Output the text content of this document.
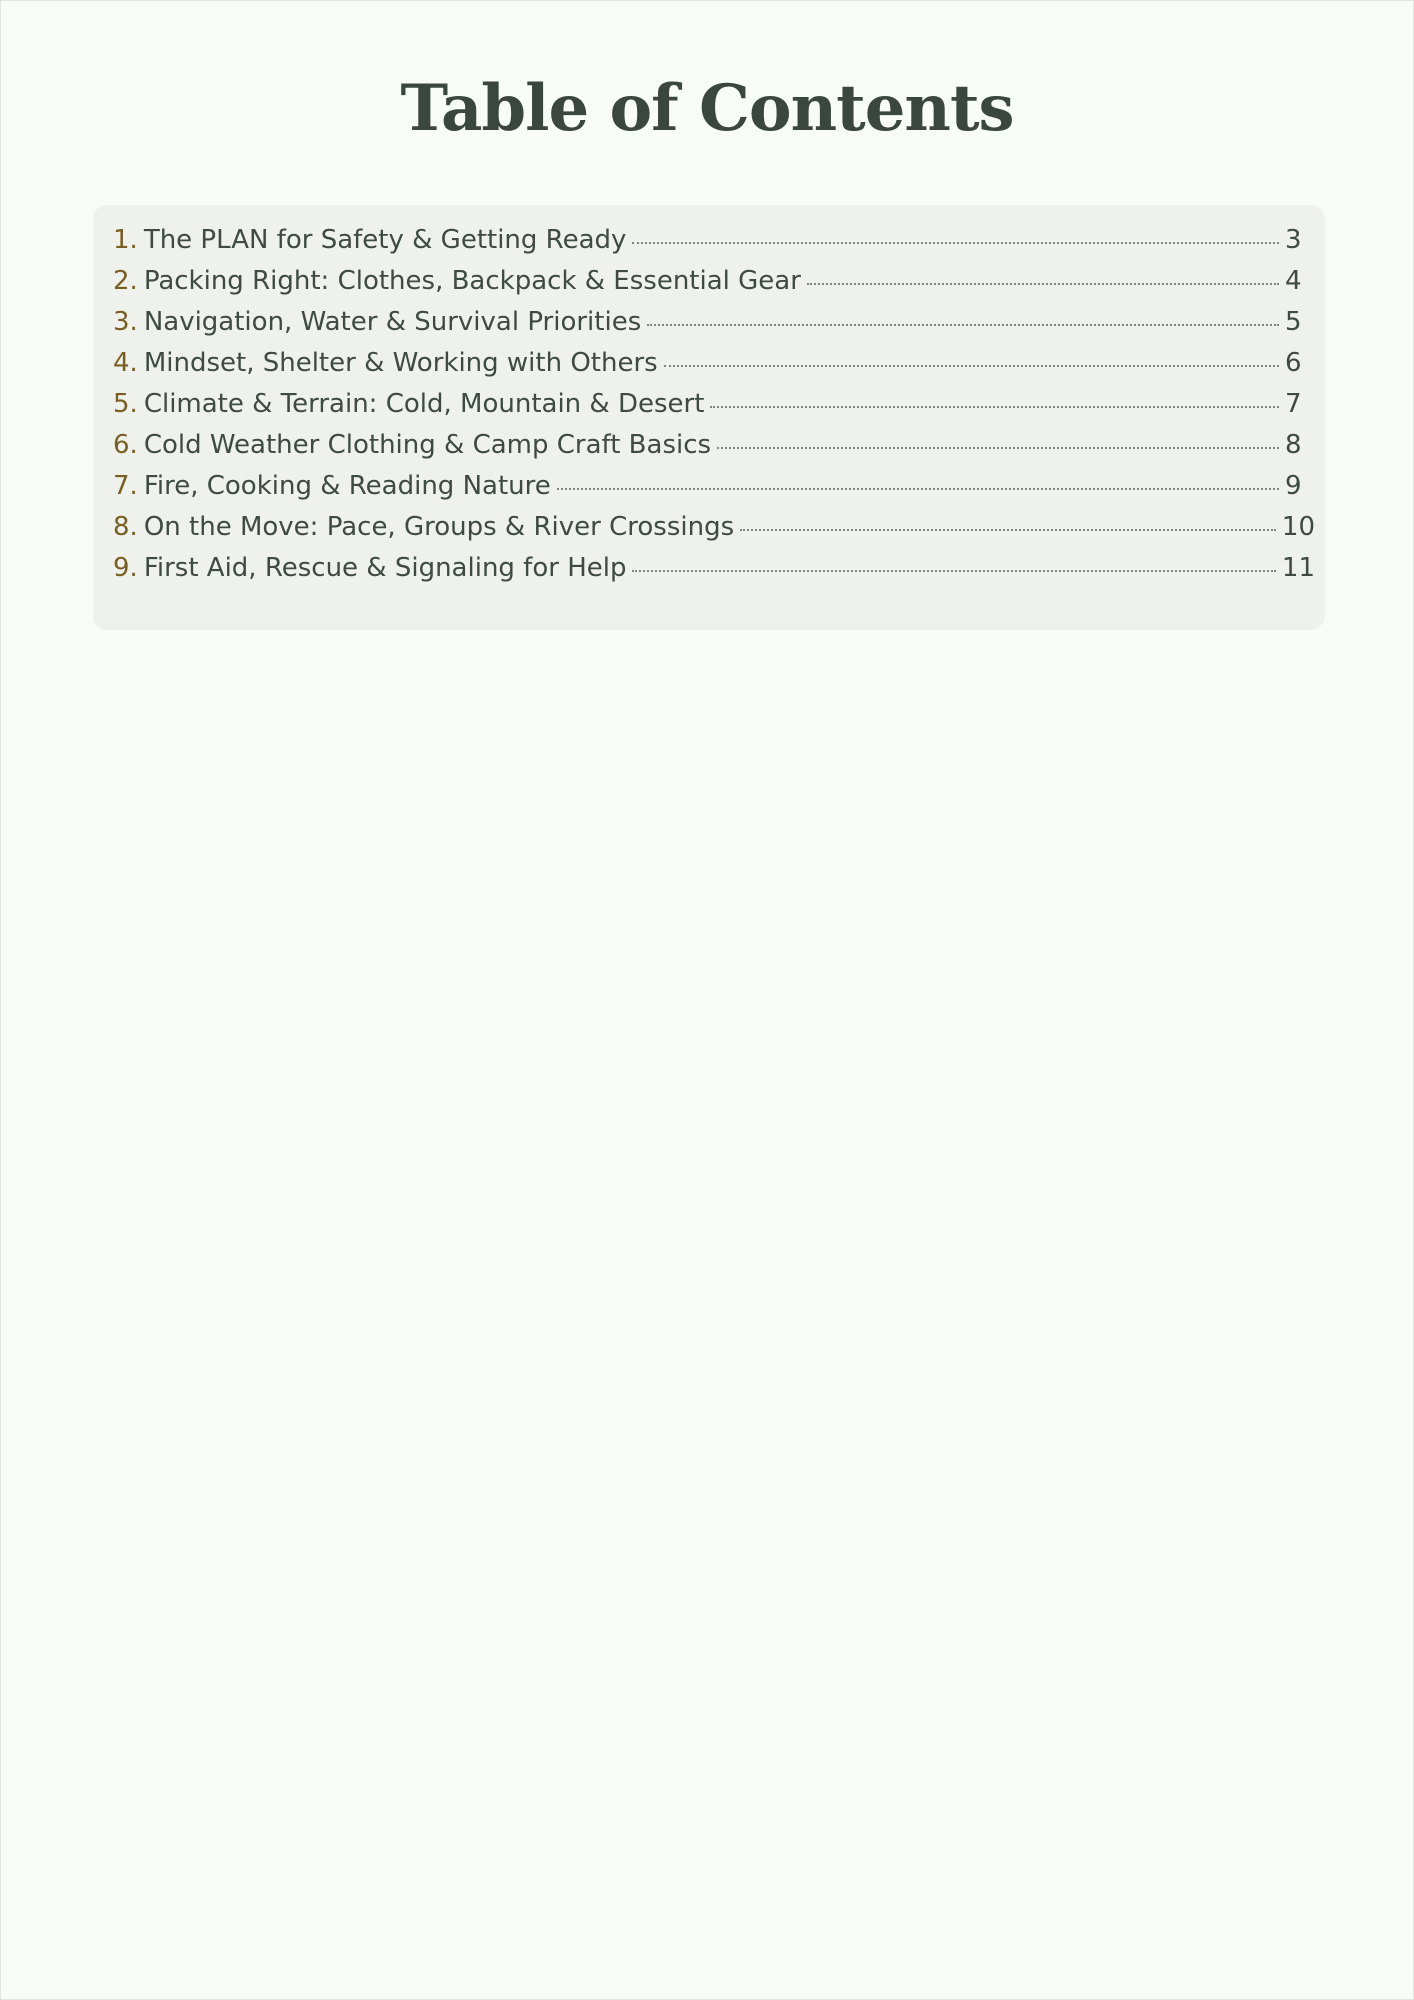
Table of Contents
1. The PLAN for Safety & Getting Ready	3
2. Packing Right: Clothes, Backpack & Essential Gear	4
3. Navigation, Water & Survival Priorities	5
4. Mindset, Shelter & Working with Others	6
5. Climate & Terrain: Cold, Mountain & Desert	7
6. Cold Weather Clothing & Camp Craft Basics	8
7. Fire, Cooking & Reading Nature	9
8. On the Move: Pace, Groups & River Crossings	10
9. First Aid, Rescue & Signaling for Help	11
